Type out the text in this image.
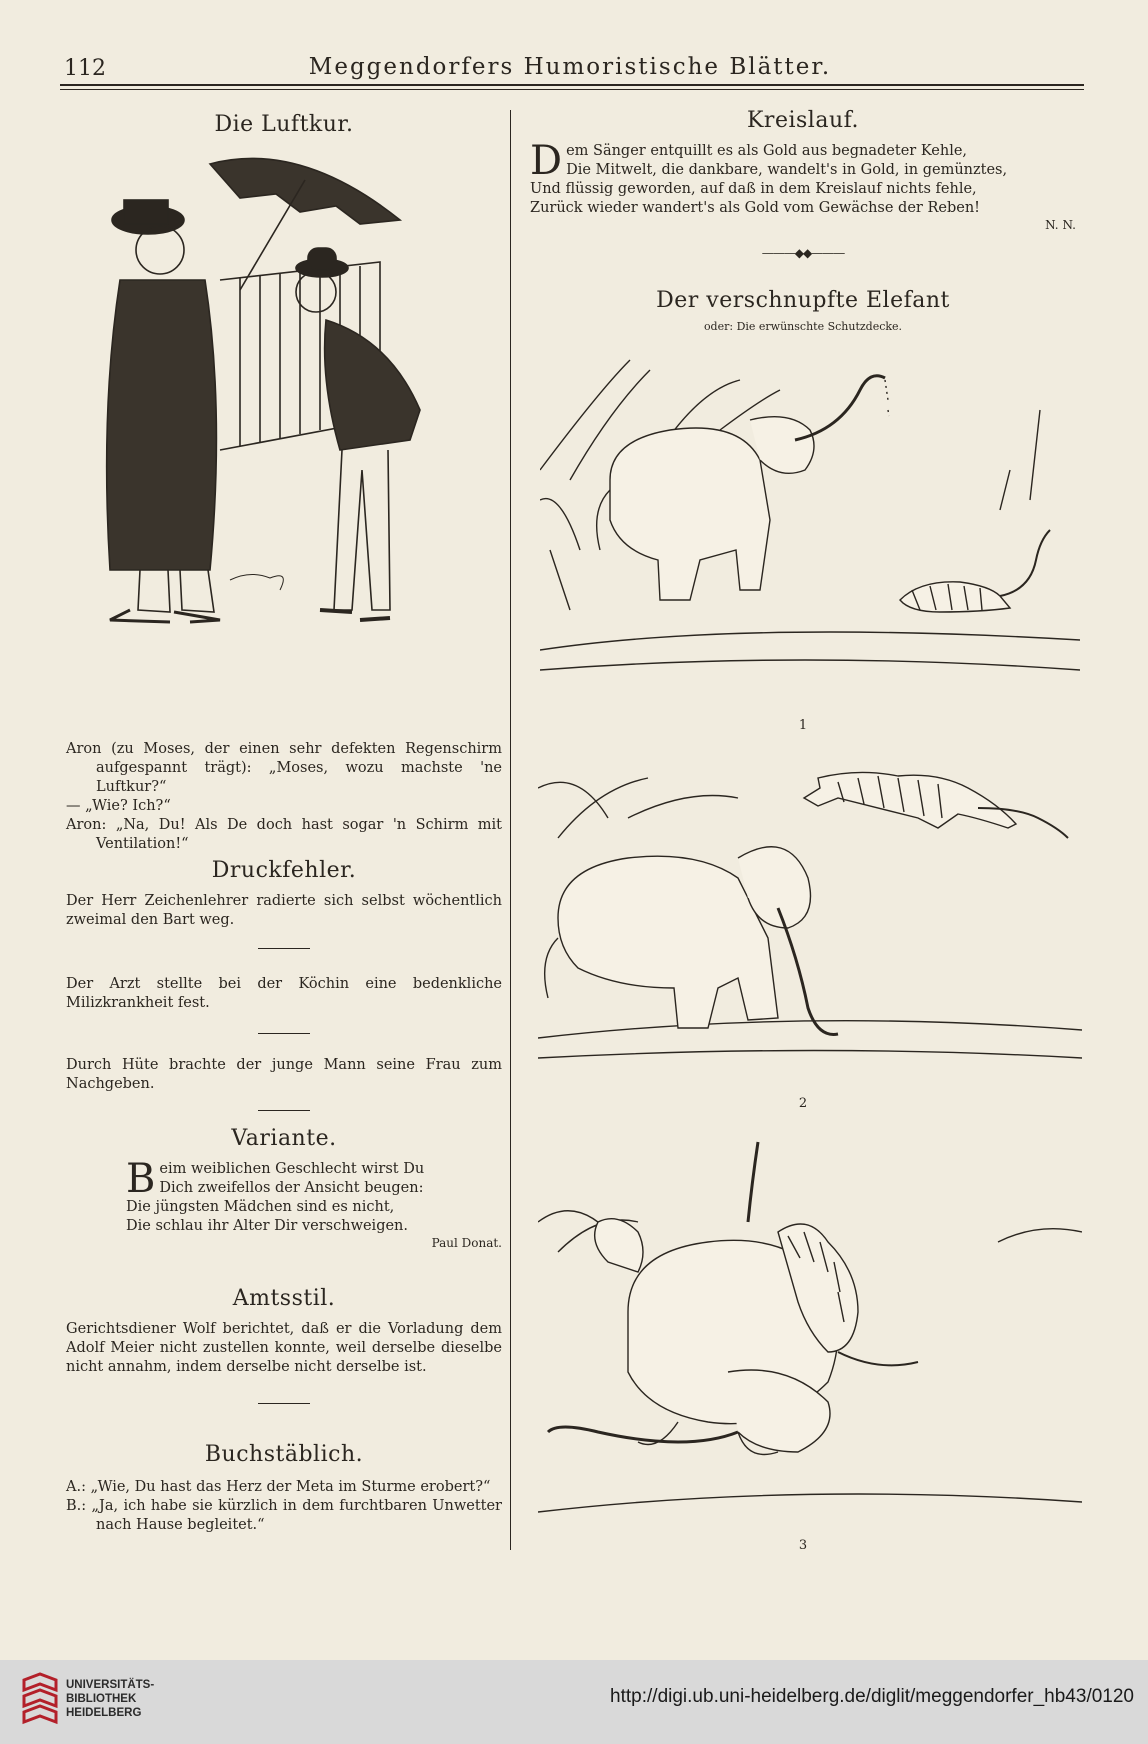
112	Meggendorfers Humoristische Blätter.
Die Luftkur.

Aron (zu Moses, der einen sehr defekten Regenschirm aufgespannt trägt): „Moses, wozu machste 'ne Luftkur?“

— „Wie? Ich?“

Aron: „Na, Du! Als De doch hast sogar 'n Schirm mit Ventilation!“

Druckfehler.

Der Herr Zeichenlehrer radierte sich selbst wöchentlich zweimal den Bart weg.

Der Arzt stellte bei der Köchin eine bedenkliche Milizkrankheit fest.

Durch Hüte brachte der junge Mann seine Frau zum Nachgeben.

Variante.
B eim weiblichen Geschlecht wirst Du

Dich zweifellos der Ansicht beugen:

Die jüngsten Mädchen sind es nicht,

Die schlau ihr Alter Dir verschweigen.

Paul Donat.
Amtsstil.

Gerichtsdiener Wolf berichtet, daß er die Vorladung dem Adolf Meier nicht zustellen konnte, weil derselbe dieselbe nicht annahm, indem derselbe nicht derselbe ist.

Buchstäblich.

A.: „Wie, Du hast das Herz der Meta im Sturme erobert?“

B.: „Ja, ich habe sie kürzlich in dem furchtbaren Unwetter nach Hause begleitet.“

Kreislauf.
D em Sänger entquillt es als Gold aus begnadeter Kehle,

Die Mitwelt, die dankbare, wandelt's in Gold, in gemünztes,

Und flüssig geworden, auf daß in dem Kreislauf nichts fehle,

Zurück wieder wandert's als Gold vom Gewächse der Reben!

N. N.
———◆◆———
Der verschnupfte Elefant
oder: Die erwünschte Schutzdecke.
1
2
3
UNIVERSITÄTS-
BIBLIOTHEK
HEIDELBERG
http://digi.ub.uni-heidelberg.de/diglit/meggendorfer_hb43/0120
